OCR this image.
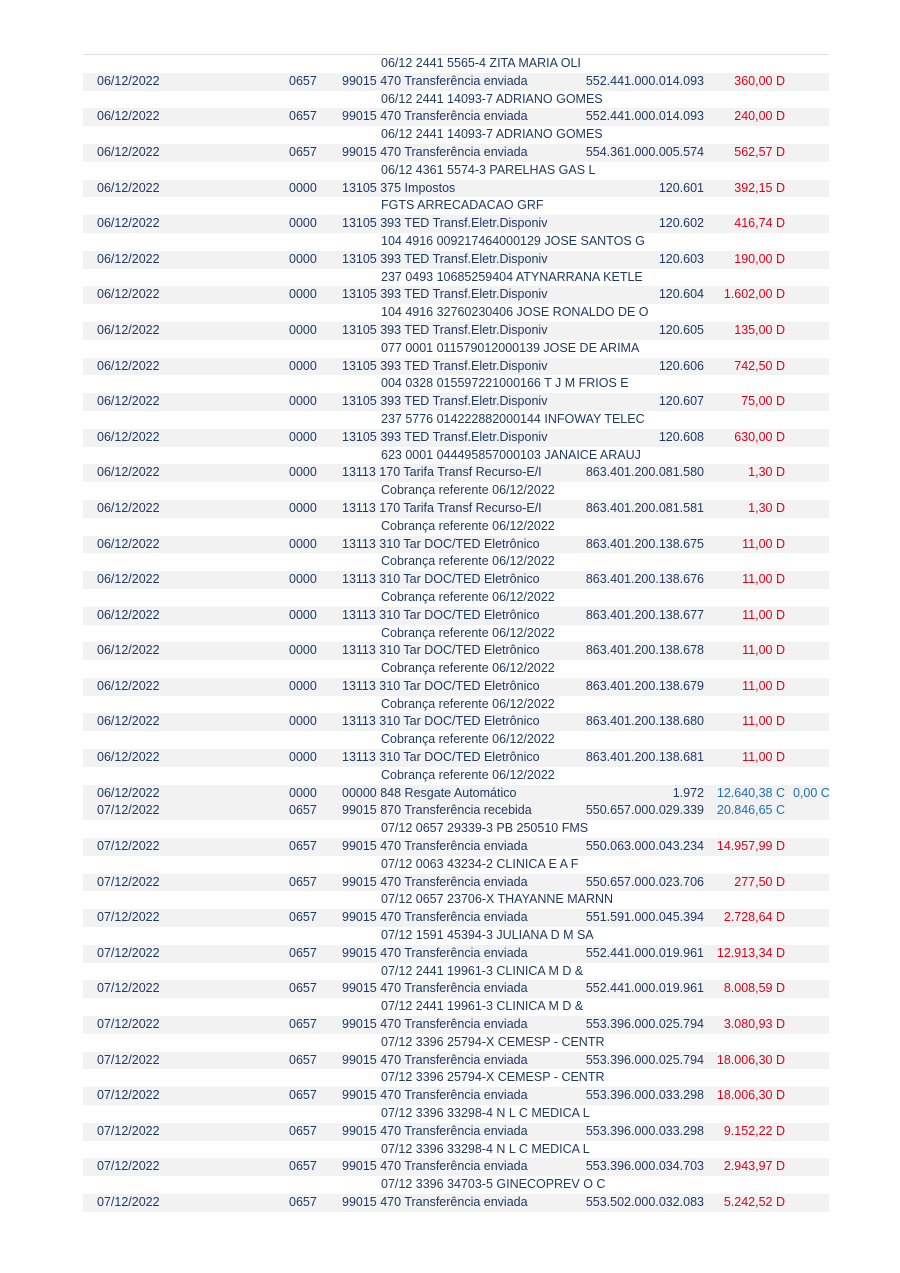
06/12 2441 5565-4 ZITA MARIA OLI
06/12/2022	0657 99015 470 Transferência enviada	552.441.000.014.093 360,00 D
06/12 2441 14093-7 ADRIANO GOMES
06/12/2022	0657 99015 470 Transferência enviada	552.441.000.014.093 240,00 D
06/12 2441 14093-7 ADRIANO GOMES
06/12/2022	0657 99015 470 Transferência enviada	554.361.000.005.574 562,57 D
06/12 4361 5574-3 PARELHAS GAS L
06/12/2022	0000 13105 375 Impostos	120.601 392,15 D
FGTS ARRECADACAO GRF
06/12/2022	0000 13105 393 TED Transf.Eletr.Disponiv	120.602 416,74 D
104 4916 009217464000129 JOSE SANTOS G
06/12/2022	0000 13105 393 TED Transf.Eletr.Disponiv	120.603 190,00 D
237 0493 10685259404 ATYNARRANA KETLE
06/12/2022	0000 13105 393 TED Transf.Eletr.Disponiv	120.604 1.602,00 D
104 4916 32760230406 JOSE RONALDO DE O
06/12/2022	0000 13105 393 TED Transf.Eletr.Disponiv	120.605 135,00 D
077 0001 011579012000139 JOSE DE ARIMA
06/12/2022	0000 13105 393 TED Transf.Eletr.Disponiv	120.606 742,50 D
004 0328 015597221000166 T J M FRIOS E
06/12/2022	0000 13105 393 TED Transf.Eletr.Disponiv	120.607	75,00 D
237 5776 014222882000144 INFOWAY TELEC
06/12/2022	0000 13105 393 TED Transf.Eletr.Disponiv	120.608 630,00 D
623 0001 044495857000103 JANAICE ARAUJ
06/12/2022	0000 13113 170 Tarifa Transf Recurso-E/I	863.401.200.081.580	1,30 D
Cobrança referente 06/12/2022
06/12/2022	0000 13113 170 Tarifa Transf Recurso-E/I	863.401.200.081.581	1,30 D
Cobrança referente 06/12/2022
06/12/2022	0000 13113 310 Tar DOC/TED Eletrônico	863.401.200.138.675	11,00 D
Cobrança referente 06/12/2022
06/12/2022	0000 13113 310 Tar DOC/TED Eletrônico	863.401.200.138.676	11,00 D
Cobrança referente 06/12/2022
06/12/2022	0000 13113 310 Tar DOC/TED Eletrônico	863.401.200.138.677	11,00 D
Cobrança referente 06/12/2022
06/12/2022	0000 13113 310 Tar DOC/TED Eletrônico	863.401.200.138.678	11,00 D
Cobrança referente 06/12/2022
06/12/2022	0000 13113 310 Tar DOC/TED Eletrônico	863.401.200.138.679	11,00 D
Cobrança referente 06/12/2022
06/12/2022	0000 13113 310 Tar DOC/TED Eletrônico	863.401.200.138.680	11,00 D
Cobrança referente 06/12/2022
06/12/2022	0000 13113 310 Tar DOC/TED Eletrônico	863.401.200.138.681	11,00 D
Cobrança referente 06/12/2022
06/12/2022	0000 00000 848 Resgate Automático	1.972 12.640,38 C 0,00 C
07/12/2022	0657 99015 870 Transferência recebida	550.657.000.029.339 20.846,65 C
07/12 0657 29339-3 PB 250510 FMS
07/12/2022	0657 99015 470 Transferência enviada	550.063.000.043.234 14.957,99 D
07/12 0063 43234-2 CLINICA E A F
07/12/2022	0657 99015 470 Transferência enviada	550.657.000.023.706 277,50 D
07/12 0657 23706-X THAYANNE MARNN
07/12/2022	0657 99015 470 Transferência enviada	551.591.000.045.394 2.728,64 D
07/12 1591 45394-3 JULIANA D M SA
07/12/2022	0657 99015 470 Transferência enviada	552.441.000.019.961 12.913,34 D
07/12 2441 19961-3 CLINICA M D &
07/12/2022	0657 99015 470 Transferência enviada	552.441.000.019.961 8.008,59 D
07/12 2441 19961-3 CLINICA M D &
07/12/2022	0657 99015 470 Transferência enviada	553.396.000.025.794 3.080,93 D
07/12 3396 25794-X CEMESP - CENTR
07/12/2022	0657 99015 470 Transferência enviada	553.396.000.025.794 18.006,30 D
07/12 3396 25794-X CEMESP - CENTR
07/12/2022	0657 99015 470 Transferência enviada	553.396.000.033.298 18.006,30 D
07/12 3396 33298-4 N L C MEDICA L
07/12/2022	0657 99015 470 Transferência enviada	553.396.000.033.298 9.152,22 D
07/12 3396 33298-4 N L C MEDICA L
07/12/2022	0657 99015 470 Transferência enviada	553.396.000.034.703 2.943,97 D
07/12 3396 34703-5 GINECOPREV O C
07/12/2022	0657 99015 470 Transferência enviada	553.502.000.032.083 5.242,52 D
